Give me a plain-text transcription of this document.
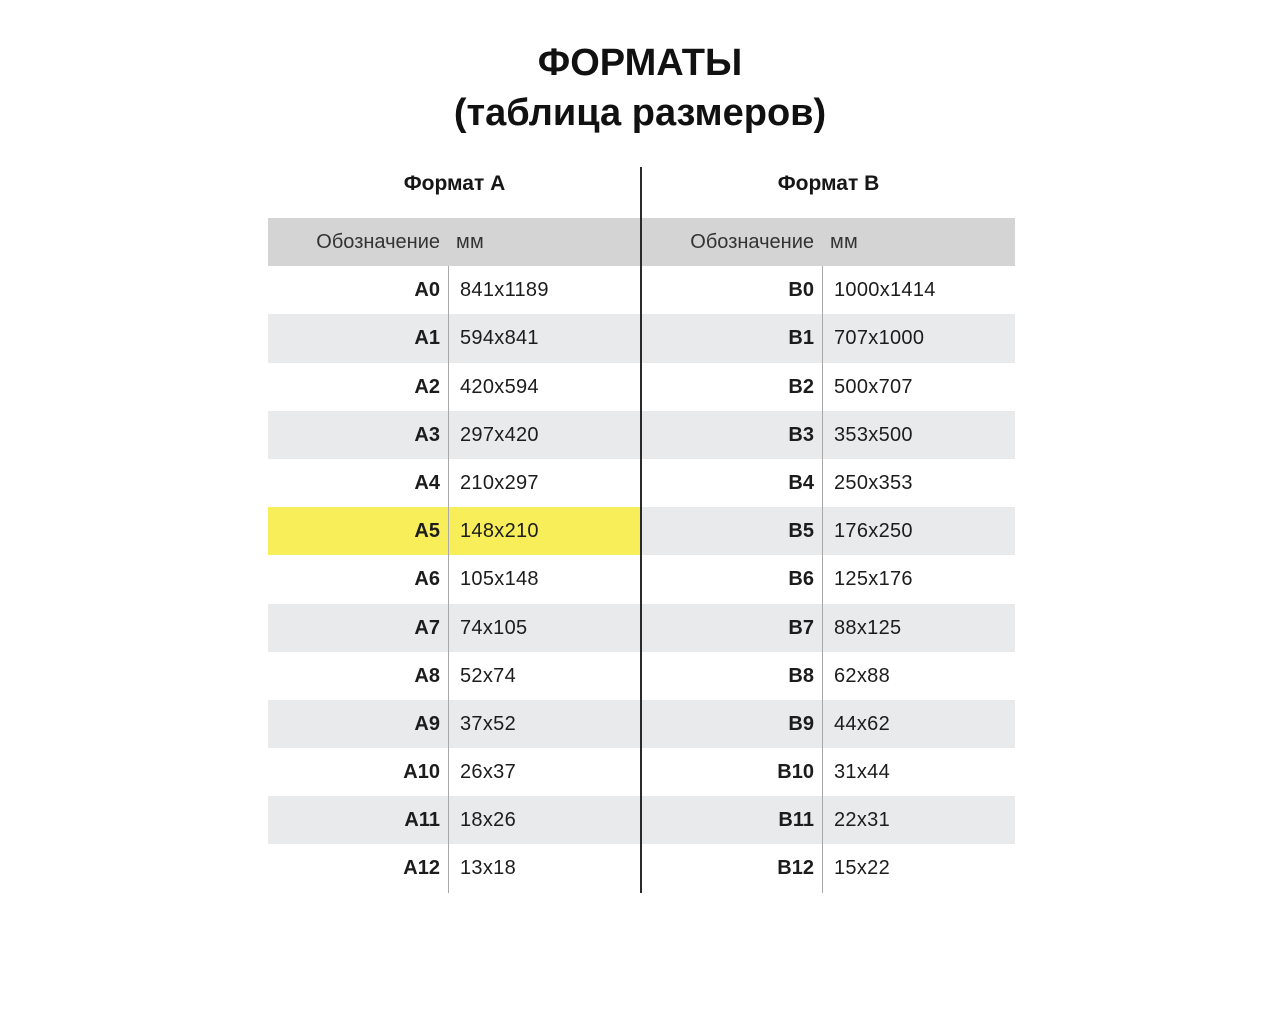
ФОРМАТЫ
(таблица размеров)
Формат A	Формат B
Обозначение мм
A0	841x1189
A1	594x841
A2	420x594
A3	297x420
A4	210x297
A5	148x210
A6	105x148
A7	74x105
A8	52x74
A9	37x52
A10	26x37
A11	18x26
A12	13x18
Обозначение мм
B0	1000x1414
B1	707x1000
B2	500x707
B3	353x500
B4	250x353
B5	176x250
B6	125x176
B7	88x125
B8	62x88
B9	44x62
B10	31x44
B11	22x31
B12	15x22
